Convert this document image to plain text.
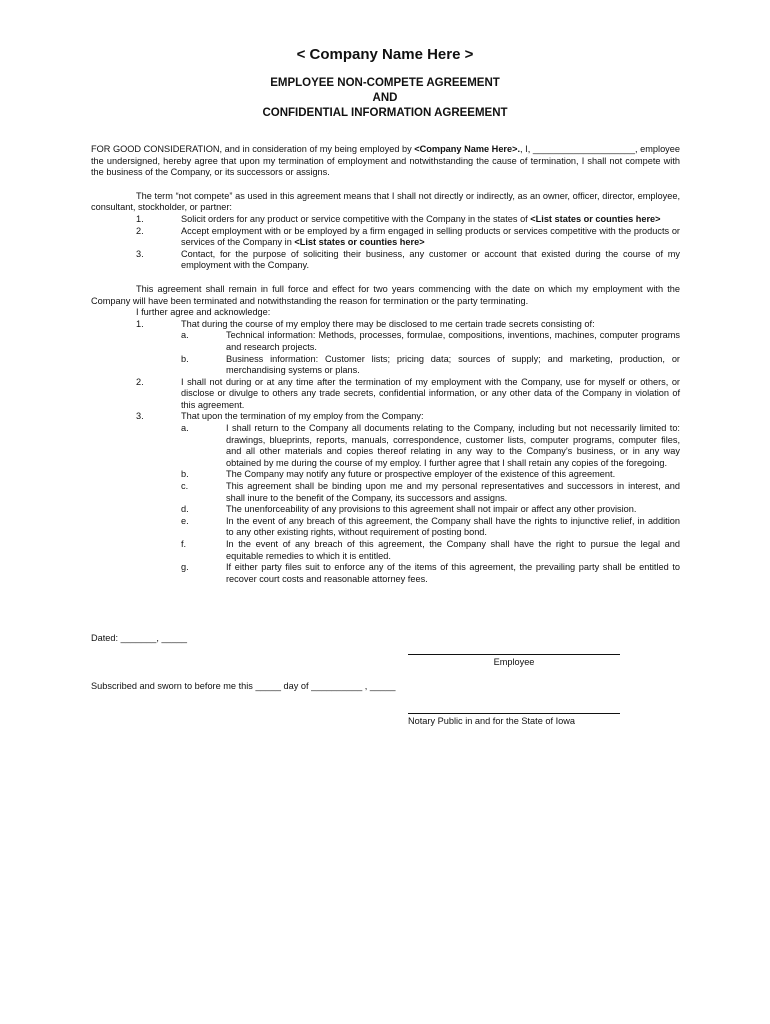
< Company Name Here >
EMPLOYEE NON-COMPETE AGREEMENT
AND
CONFIDENTIAL INFORMATION AGREEMENT

FOR GOOD CONSIDERATION, and in consideration of my being employed by <Company Name Here>., I, ____________________, employee the undersigned, hereby agree that upon my termination of employment and notwithstanding the cause of termination, I shall not compete with the business of the Company, or its successors or assigns.

The term “not compete” as used in this agreement means that I shall not directly or indirectly, as an owner, officer, director, employee, consultant, stockholder, or partner:

1.	Solicit orders for any product or service competitive with the Company in the states of <List states or counties here>
2.	Accept employment with or be employed by a firm engaged in selling products or services competitive with the products or services of the Company in <List states or counties here>
3.	Contact, for the purpose of soliciting their business, any customer or account that existed during the course of my employment with the Company.

This agreement shall remain in full force and effect for two years commencing with the date on which my employment with the Company will have been terminated and notwithstanding the reason for termination or the party terminating.

I further agree and acknowledge:

1.	That during the course of my employ there may be disclosed to me certain trade secrets consisting of:
a.	Technical information: Methods, processes, formulae, compositions, inventions, machines, computer programs and research projects.
b.	Business information: Customer lists; pricing data; sources of supply; and marketing, production, or merchandising systems or plans.
2.	I shall not during or at any time after the termination of my employment with the Company, use for myself or others, or disclose or divulge to others any trade secrets, confidential information, or any other data of the Company in violation of this agreement.
3.	That upon the termination of my employ from the Company:
a.	I shall return to the Company all documents relating to the Company, including but not necessarily limited to: drawings, blueprints, reports, manuals, correspondence, customer lists, computer programs, computer files, and all other materials and copies thereof relating in any way to the Company’s business, or in any way obtained by me during the course of my employ. I further agree that I shall retain any copies of the foregoing.
b.	The Company may notify any future or prospective employer of the existence of this agreement.
c.	This agreement shall be binding upon me and my personal representatives and successors in interest, and shall inure to the benefit of the Company, its successors and assigns.
d.	The unenforceability of any provisions to this agreement shall not impair or affect any other provision.
e.	In the event of any breach of this agreement, the Company shall have the rights to injunctive relief, in addition to any other existing rights, without requirement of posting bond.
f.	In the event of any breach of this agreement, the Company shall have the right to pursue the legal and equitable remedies to which it is entitled.
g.	If either party files suit to enforce any of the items of this agreement, the prevailing party shall be entitled to recover court costs and reasonable attorney fees.
Dated: _______, _____
Employee
Subscribed and sworn to before me this _____ day of __________ , _____
Notary Public in and for the State of Iowa
